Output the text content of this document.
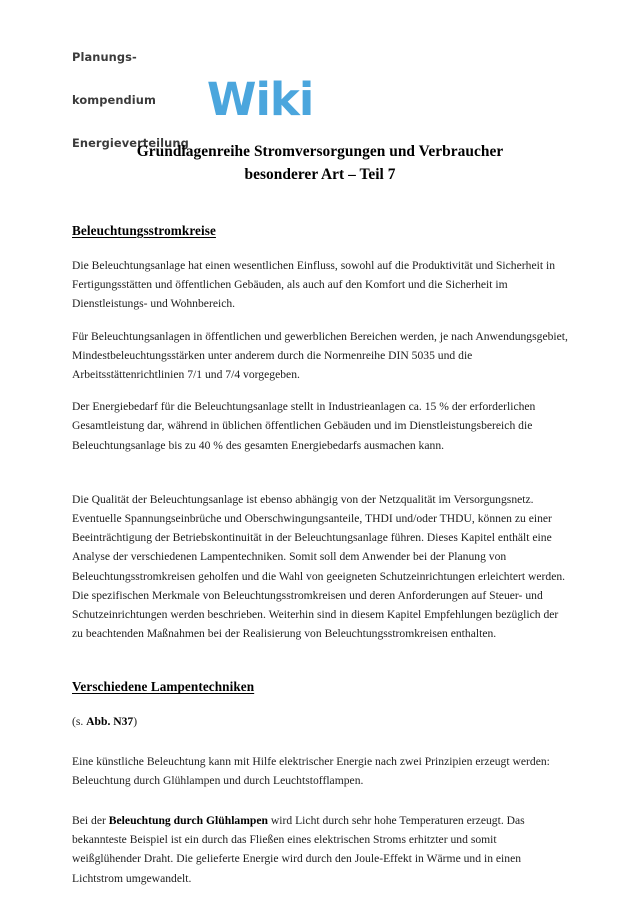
Planungs-

kompendium

Energieverteilung

Wiki
Grundlagenreihe Stromversorgungen und Verbraucher
besonderer Art – Teil 7
Beleuchtungsstromkreise

Die Beleuchtungsanlage hat einen wesentlichen Einfluss, sowohl auf die Produktivität und Sicherheit in Fertigungsstätten und öffentlichen Gebäuden, als auch auf den Komfort und die Sicherheit im Dienstleistungs- und Wohnbereich.

Für Beleuchtungsanlagen in öffentlichen und gewerblichen Bereichen werden, je nach Anwendungsgebiet, Mindestbeleuchtungsstärken unter anderem durch die Normenreihe DIN 5035 und die Arbeitsstättenrichtlinien 7/1 und 7/4 vorgegeben.

Der Energiebedarf für die Beleuchtungsanlage stellt in Industrieanlagen ca. 15 % der erforderlichen Gesamtleistung dar, während in üblichen öffentlichen Gebäuden und im Dienstleistungsbereich die Beleuchtungsanlage bis zu 40 % des gesamten Energiebedarfs ausmachen kann.

Die Qualität der Beleuchtungsanlage ist ebenso abhängig von der Netzqualität im Versorgungsnetz. Eventuelle Spannungseinbrüche und Oberschwingungsanteile, THDI und/oder THDU, können zu einer Beeinträchtigung der Betriebskontinuität in der Beleuchtungsanlage führen. Dieses Kapitel enthält eine Analyse der verschiedenen Lampentechniken. Somit soll dem Anwender bei der Planung von Beleuchtungsstromkreisen geholfen und die Wahl von geeigneten Schutzeinrichtungen erleichtert werden. Die spezifischen Merkmale von Beleuchtungsstromkreisen und deren Anforderungen auf Steuer- und Schutzeinrichtungen werden beschrieben. Weiterhin sind in diesem Kapitel Empfehlungen bezüglich der zu beachtenden Maßnahmen bei der Realisierung von Beleuchtungsstromkreisen enthalten.

Verschiedene Lampentechniken

(s. Abb. N37)

Eine künstliche Beleuchtung kann mit Hilfe elektrischer Energie nach zwei Prinzipien erzeugt werden: Beleuchtung durch Glühlampen und durch Leuchtstofflampen.

Bei der Beleuchtung durch Glühlampen wird Licht durch sehr hohe Temperaturen erzeugt. Das bekannteste Beispiel ist ein durch das Fließen eines elektrischen Stroms erhitzter und somit weißglühender Draht. Die gelieferte Energie wird durch den Joule-Effekt in Wärme und in einen Lichtstrom umgewandelt.
